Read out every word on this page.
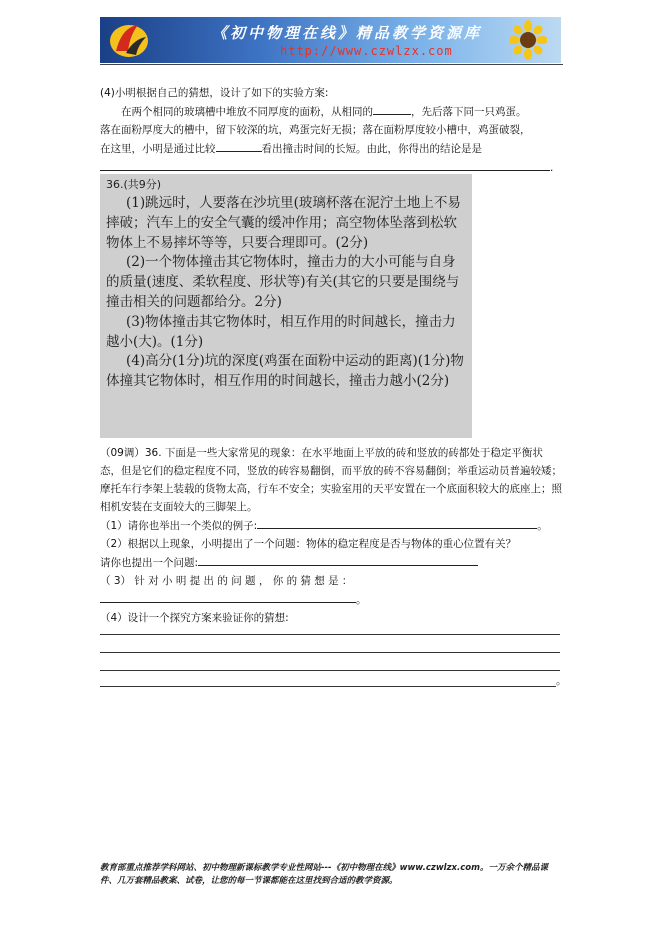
《初中物理在线》精品教学资源库
http://www.czwlzx.com
(4)小明根据自己的猜想，设计了如下的实验方案:
在两个相同的玻璃槽中堆放不同厚度的面粉，从相同的	，先后落下同一只鸡蛋。
落在面粉厚度大的槽中，留下较深的坑，鸡蛋完好无损；落在面粉厚度较小槽中，鸡蛋破裂，
在这里，小明是通过比较	看出撞击时间的长短。由此，你得出的结论是是
.

36.(共9分)

(1)跳远时，人要落在沙坑里(玻璃杯落在泥泞土地上不易摔破；汽车上的安全气囊的缓冲作用；高空物体坠落到松软物体上不易摔坏等等，只要合理即可。(2分)

(2)一个物体撞击其它物体时，撞击力的大小可能与自身的质量(速度、柔软程度、形状等)有关(其它的只要是围绕与撞击相关的问题都给分。2分)

(3)物体撞击其它物体时，相互作用的时间越长，撞击力越小(大)。(1分)

(4)高分(1分)坑的深度(鸡蛋在面粉中运动的距离)(1分)物体撞其它物体时，相互作用的时间越长，撞击力越小(2分)

（09调）36. 下面是一些大家常见的现象：在水平地面上平放的砖和竖放的砖都处于稳定平衡状态，但是它们的稳定程度不同，竖放的砖容易翻倒，而平放的砖不容易翻倒；举重运动员普遍较矮；摩托车行李架上装载的货物太高，行车不安全；实验室用的天平安置在一个底面积较大的底座上；照相机安装在支面较大的三脚架上。
（1）请你也举出一个类似的例子:	。
（2）根据以上现象，小明提出了一个问题：物体的稳定程度是否与物体的重心位置有关？
请你也提出一个问题:
（ 3） 针 对 小 明 提 出 的 问 题 ， 你 的 猜 想 是 ：
。
（4）设计一个探究方案来验证你的猜想:
。
教育部重点推荐学科网站、初中物理新课标教学专业性网站---《初中物理在线》www.czwlzx.com。一万余个精品课件、几万套精品教案、试卷，让您的每一节课都能在这里找到合适的教学资源。
